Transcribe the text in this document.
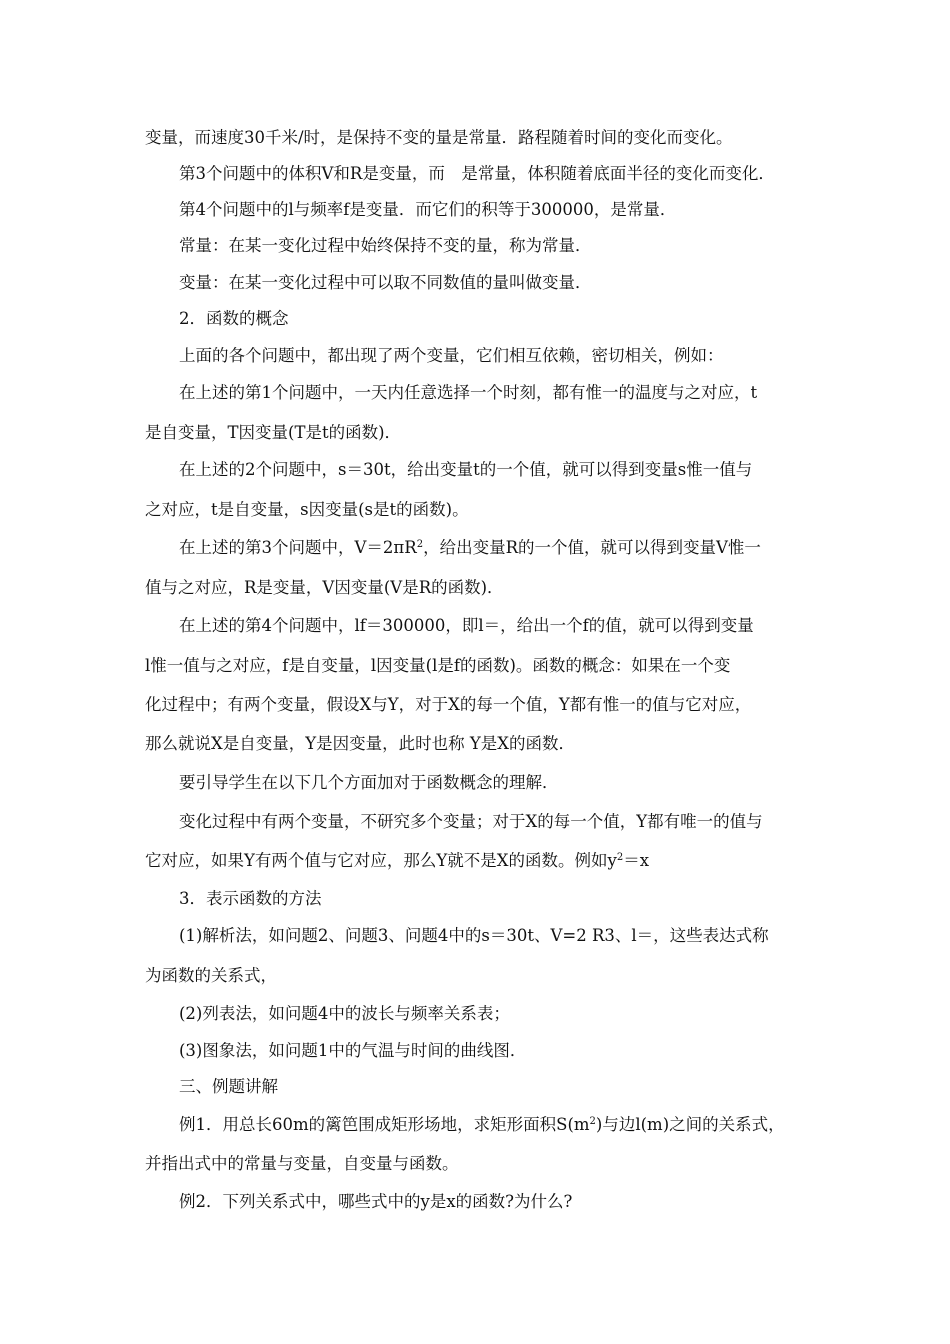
变量，而速度30千米/时，是保持不变的量是常量．路程随着时间的变化而变化。
第3个问题中的体积V和R是变量，而　是常量，体积随着底面半径的变化而变化．
第4个问题中的l与频率f是变量．而它们的积等于300000，是常量．
常量：在某一变化过程中始终保持不变的量，称为常量．
变量：在某一变化过程中可以取不同数值的量叫做变量．
2．函数的概念
上面的各个问题中，都出现了两个变量，它们相互依赖，密切相关，例如：
在上述的第1个问题中，一天内任意选择一个时刻，都有惟一的温度与之对应，t
是自变量，T因变量(T是t的函数)．
在上述的2个问题中，s＝30t，给出变量t的一个值，就可以得到变量s惟一值与
之对应，t是自变量，s因变量(s是t的函数)。
在上述的第3个问题中，$V=2\pi R^2$，给出变量R的一个值，就可以得到变量V惟一
值与之对应，R是变量，V因变量(V是R的函数)．
在上述的第4个问题中，lf＝300000，即l＝，给出一个f的值，就可以得到变量
l惟一值与之对应，f是自变量，l因变量(l是f的函数)。函数的概念：如果在一个变
化过程中；有两个变量，假设X与Y，对于X的每一个值，Y都有惟一的值与它对应，
那么就说X是自变量，Y是因变量，此时也称 Y是X的函数．
要引导学生在以下几个方面加对于函数概念的理解．
变化过程中有两个变量，不研究多个变量；对于X的每一个值，Y都有唯一的值与
它对应，如果Y有两个值与它对应，那么Y就不是X的函数。例如$y^2=x$
3．表示函数的方法
(1)解析法，如问题2、问题3、问题4中的s＝30t、V=2 R3、l＝，这些表达式称
为函数的关系式，
(2)列表法，如问题4中的波长与频率关系表；
(3)图象法，如问题1中的气温与时间的曲线图．
三、例题讲解
例1．用总长60m的篱笆围成矩形场地，求矩形面积$S(m^2)$与边l(m)之间的关系式，
并指出式中的常量与变量，自变量与函数。
例2．下列关系式中，哪些式中的y是x的函数?为什么?
